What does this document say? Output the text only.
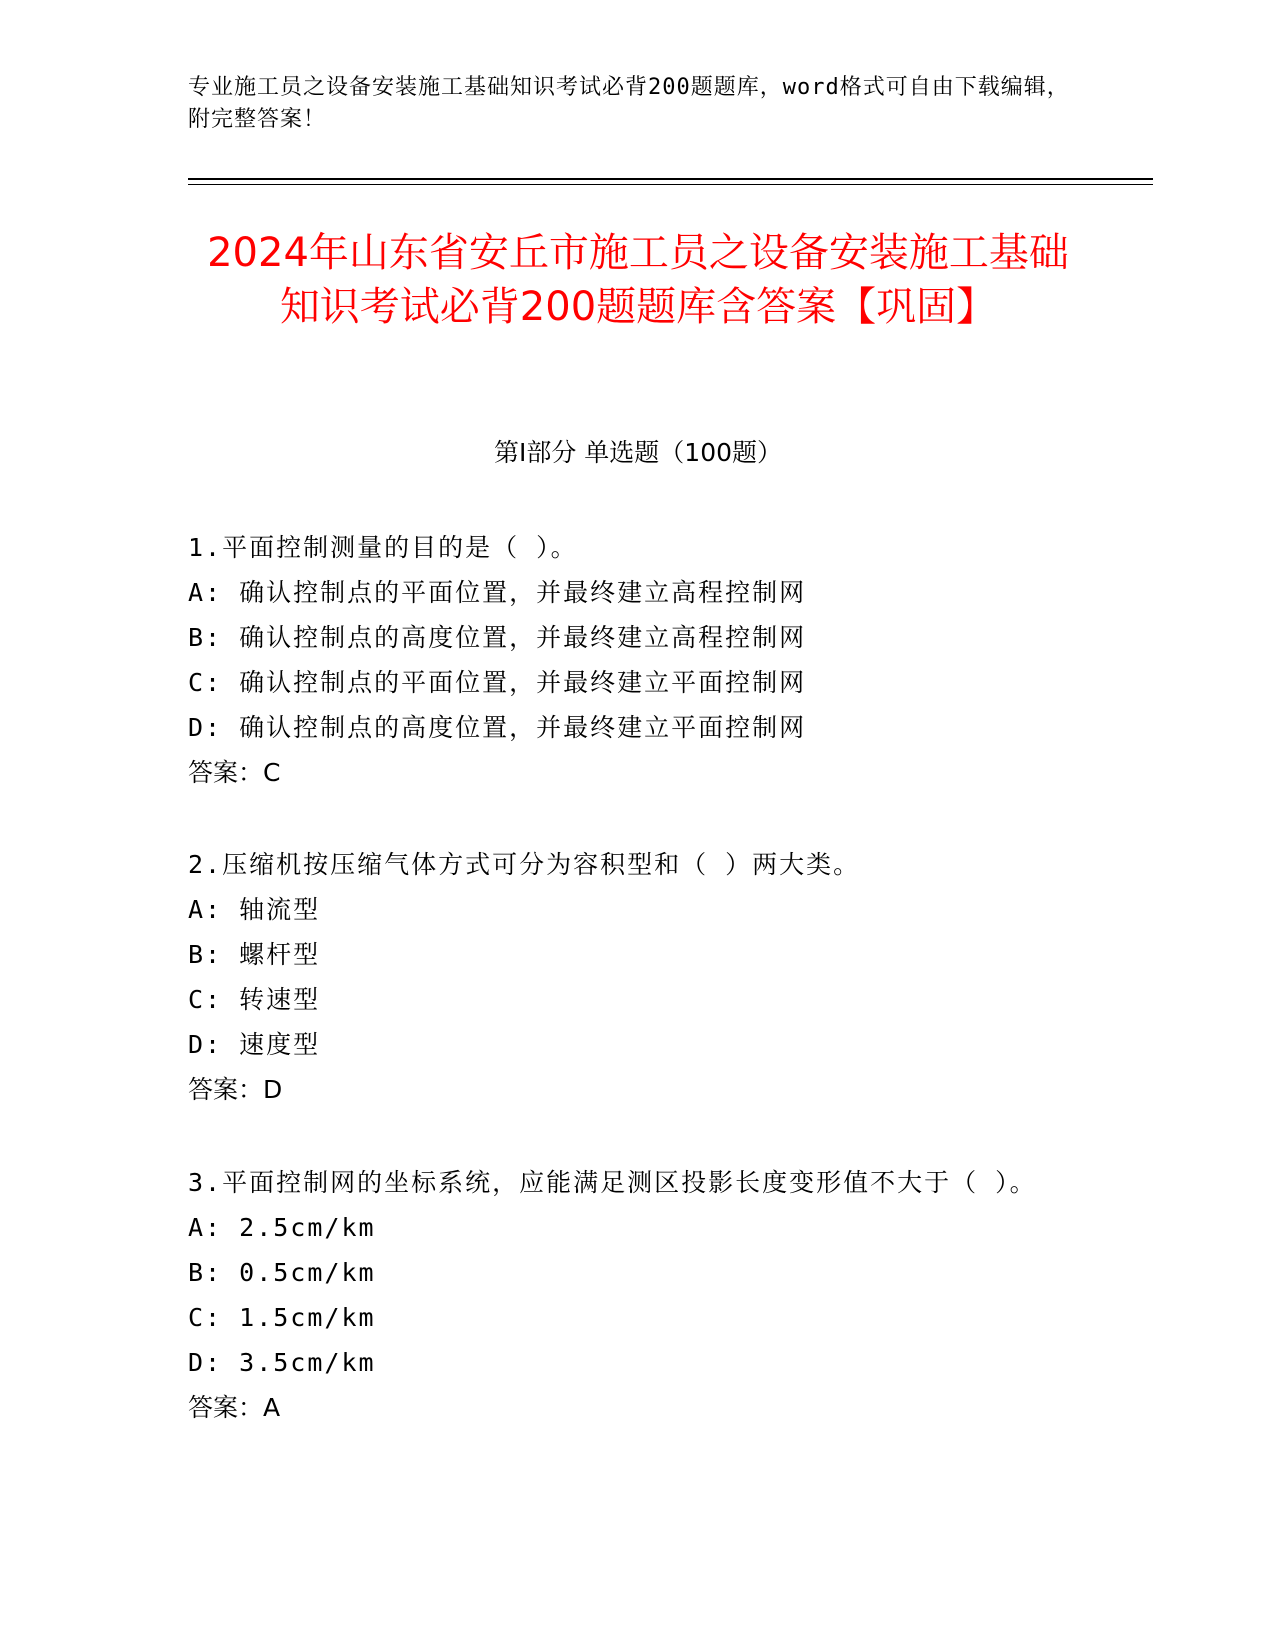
专业施工员之设备安装施工基础知识考试必背200题题库，word格式可自由下载编辑，附完整答案！
2024年山东省安丘市施工员之设备安装施工基础知识考试必背200题题库含答案【巩固】
第Ⅰ部分 单选题（100题）
1.平面控制测量的目的是（ ）。
A: 确认控制点的平面位置，并最终建立高程控制网
B: 确认控制点的高度位置，并最终建立高程控制网
C: 确认控制点的平面位置，并最终建立平面控制网
D: 确认控制点的高度位置，并最终建立平面控制网
答案：C
2.压缩机按压缩气体方式可分为容积型和（ ）两大类。
A: 轴流型
B: 螺杆型
C: 转速型
D: 速度型
答案：D
3.平面控制网的坐标系统，应能满足测区投影长度变形值不大于（ ）。
A: 2.5cm/km
B: 0.5cm/km
C: 1.5cm/km
D: 3.5cm/km
答案：A
